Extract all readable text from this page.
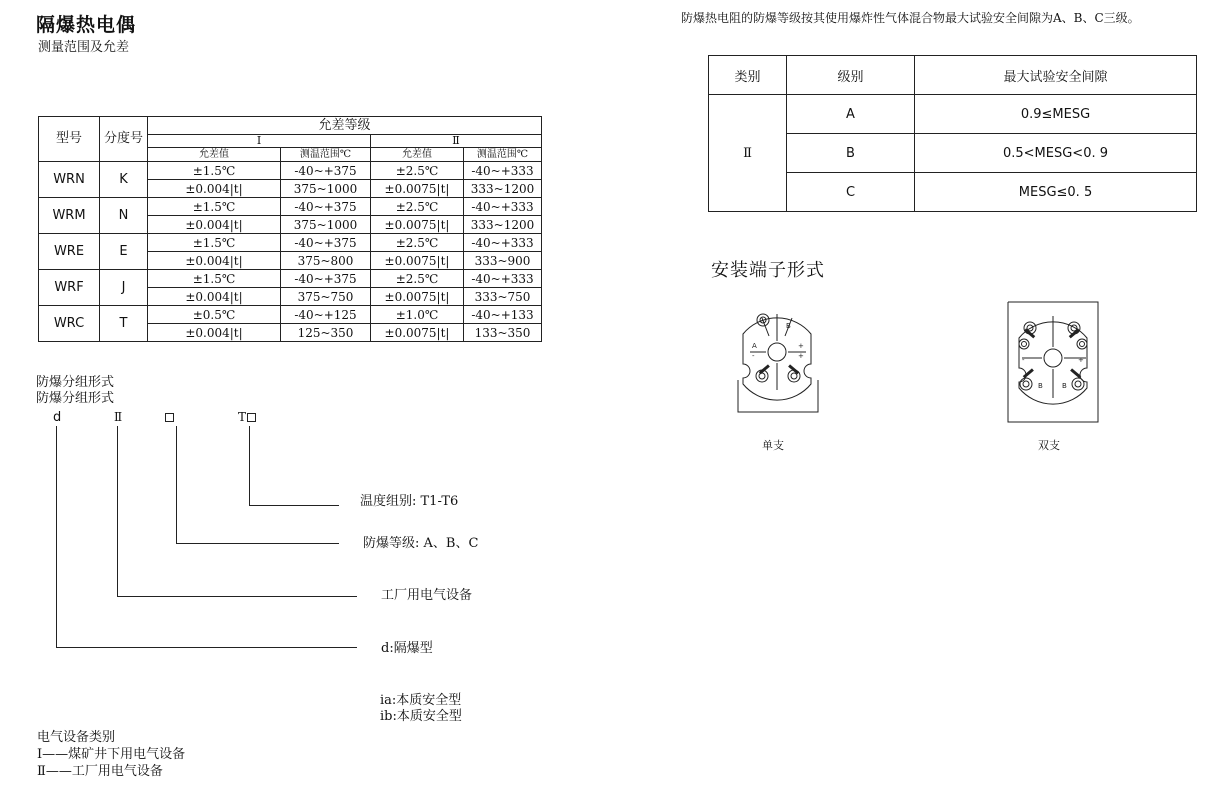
隔爆热电偶
测量范围及允差
型号	分度号	允差等级			
		Ⅰ		Ⅱ	
		允差值	测温范围℃	允差值	测温范围℃
WRN	K	±1.5℃	-40~+375	±2.5℃	-40~+333
		±0.004|t|	375~1000	±0.0075|t|	333~1200
WRM	N	±1.5℃	-40~+375	±2.5℃	-40~+333
		±0.004|t|	375~1000	±0.0075|t|	333~1200
WRE	E	±1.5℃	-40~+375	±2.5℃	-40~+333
		±0.004|t|	375~800	±0.0075|t|	333~900
WRF	J	±1.5℃	-40~+375	±2.5℃	-40~+333
		±0.004|t|	375~750	±0.0075|t|	333~750
WRC	T	±0.5℃	-40~+125	±1.0℃	-40~+133
		±0.004|t|	125~350	±0.0075|t|	133~350
防爆分组形式
防爆分组形式
d	Ⅱ	T
温度组别: T1-T6
防爆等级: A、B、C
工厂用电气设备
d:隔爆型
ia:本质安全型
ib:本质安全型
电气设备类别
Ⅰ——煤矿井下用电气设备
Ⅱ——工厂用电气设备
防爆热电阻的防爆等级按其使用爆炸性气体混合物最大试验安全间隙为A、B、C三级。
类别	级别	最大试验安全间隙
Ⅱ	A	0.9≤MESG
	B	0.5<MESG<0. 9
	C	MESG≤0. 5
安装端子形式
B
A
-
+
+
单支
B	B
-	+
双支
